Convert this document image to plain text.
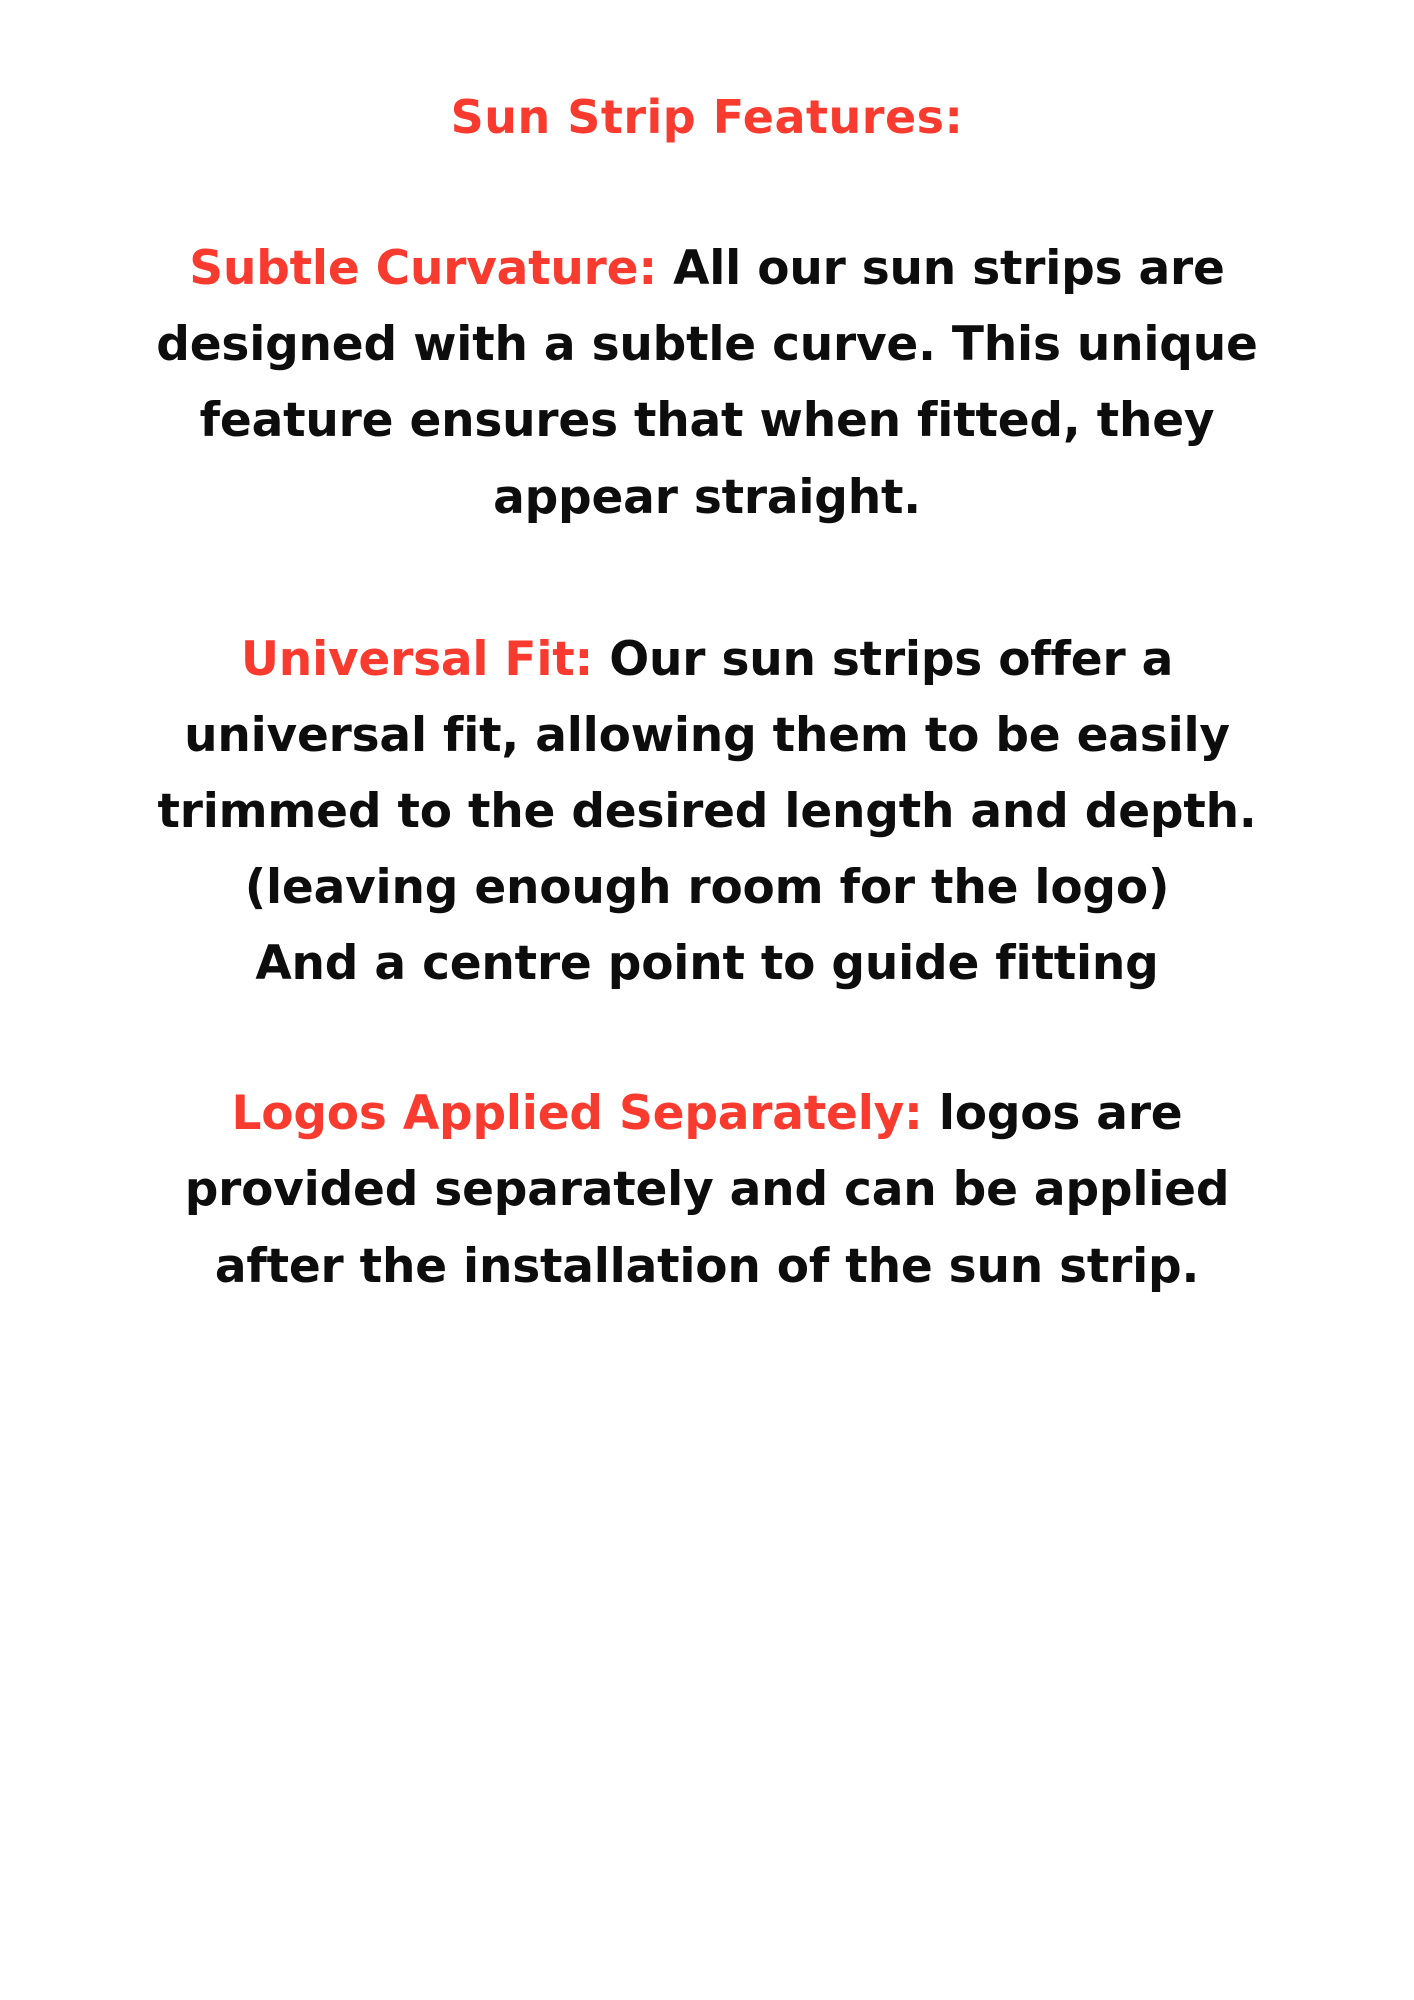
Sun Strip Features:

Subtle Curvature: All our sun strips are designed with a subtle curve. This unique feature ensures that when fitted, they appear straight.

Universal Fit: Our sun strips offer a universal fit, allowing them to be easily trimmed to the desired length and depth.

(leaving enough room for the logo)

And a centre point to guide fitting

Logos Applied Separately: logos are provided separately and can be applied after the installation of the sun strip.
